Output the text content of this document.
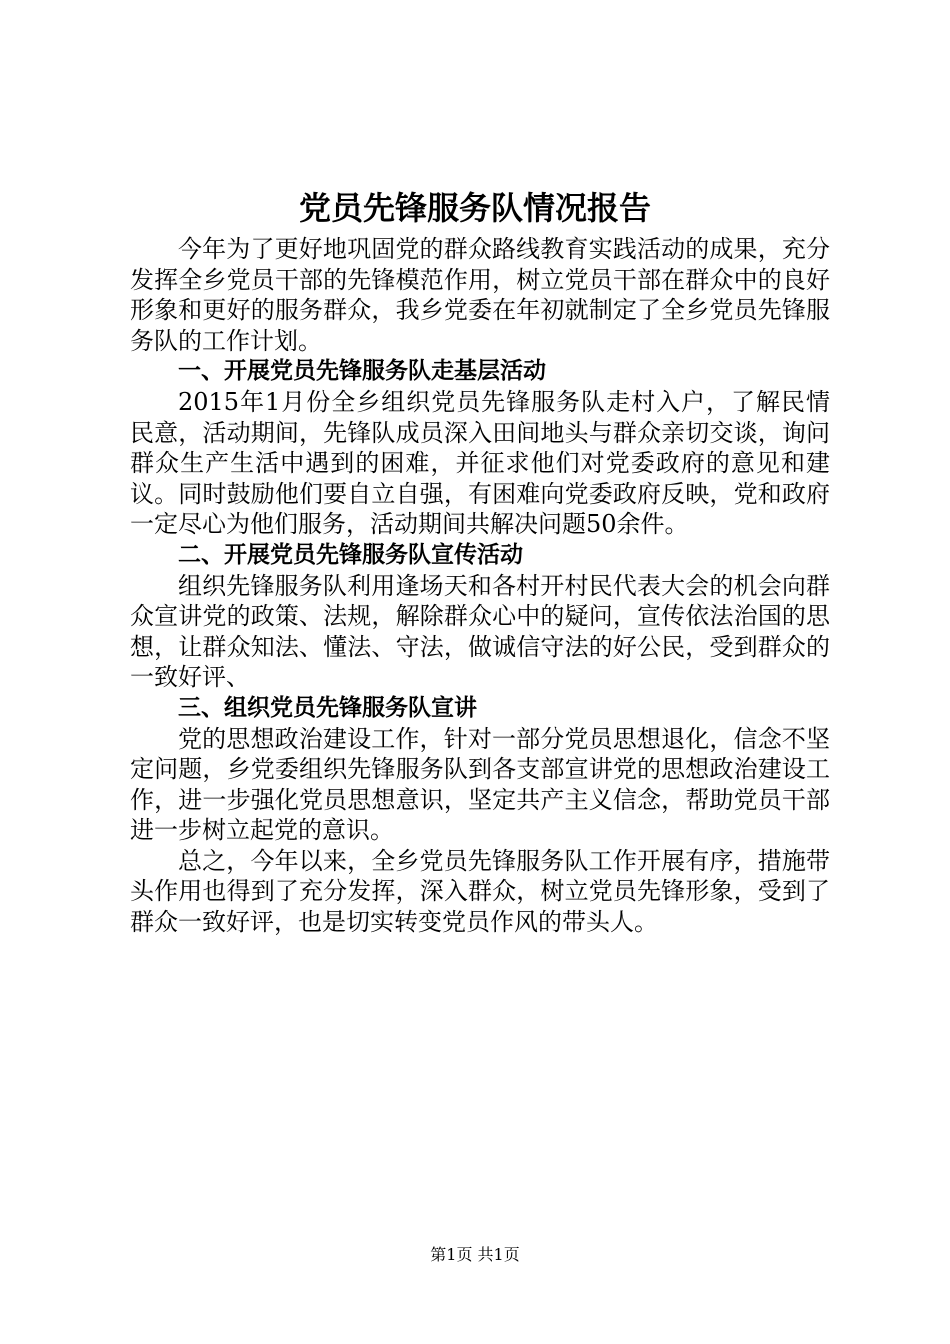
党员先锋服务队情况报告

今年为了更好地巩固党的群众路线教育实践活动的成果，充分发挥全乡党员干部的先锋模范作用，树立党员干部在群众中的良好形象和更好的服务群众，我乡党委在年初就制定了全乡党员先锋服务队的工作计划。

一、开展党员先锋服务队走基层活动

2015年1月份全乡组织党员先锋服务队走村入户，了解民情民意，活动期间，先锋队成员深入田间地头与群众亲切交谈，询问群众生产生活中遇到的困难，并征求他们对党委政府的意见和建议。同时鼓励他们要自立自强，有困难向党委政府反映，党和政府一定尽心为他们服务，活动期间共解决问题50余件。

二、开展党员先锋服务队宣传活动

组织先锋服务队利用逢场天和各村开村民代表大会的机会向群众宣讲党的政策、法规，解除群众心中的疑问，宣传依法治国的思想，让群众知法、懂法、守法，做诚信守法的好公民，受到群众的一致好评、

三、组织党员先锋服务队宣讲

党的思想政治建设工作，针对一部分党员思想退化，信念不坚定问题，乡党委组织先锋服务队到各支部宣讲党的思想政治建设工作，进一步强化党员思想意识，坚定共产主义信念，帮助党员干部进一步树立起党的意识。

总之，今年以来，全乡党员先锋服务队工作开展有序，措施带头作用也得到了充分发挥，深入群众，树立党员先锋形象，受到了群众一致好评，也是切实转变党员作风的带头人。

第1页 共1页
